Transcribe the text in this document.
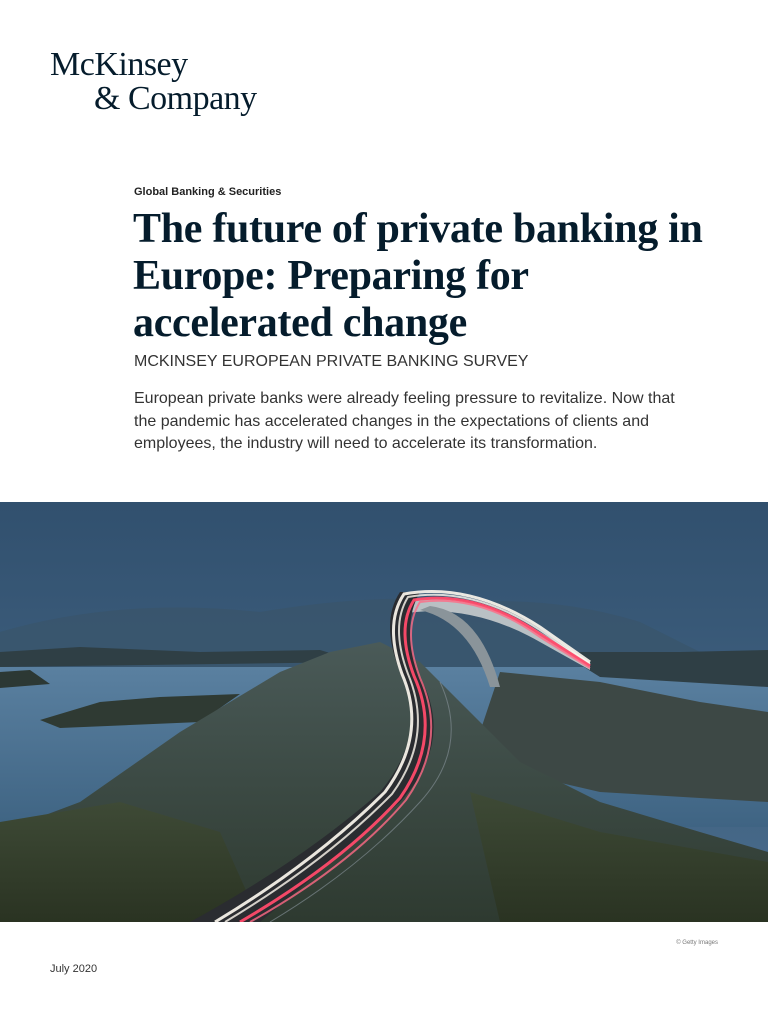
McKinsey
& Company
Global Banking & Securities
The future of private banking in Europe: Preparing for accelerated change
MCKINSEY EUROPEAN PRIVATE BANKING SURVEY

European private banks were already feeling pressure to revitalize. Now that the pandemic has accelerated changes in the expectations of clients and employees, the industry will need to accelerate its transformation.

© Getty Images
July 2020
